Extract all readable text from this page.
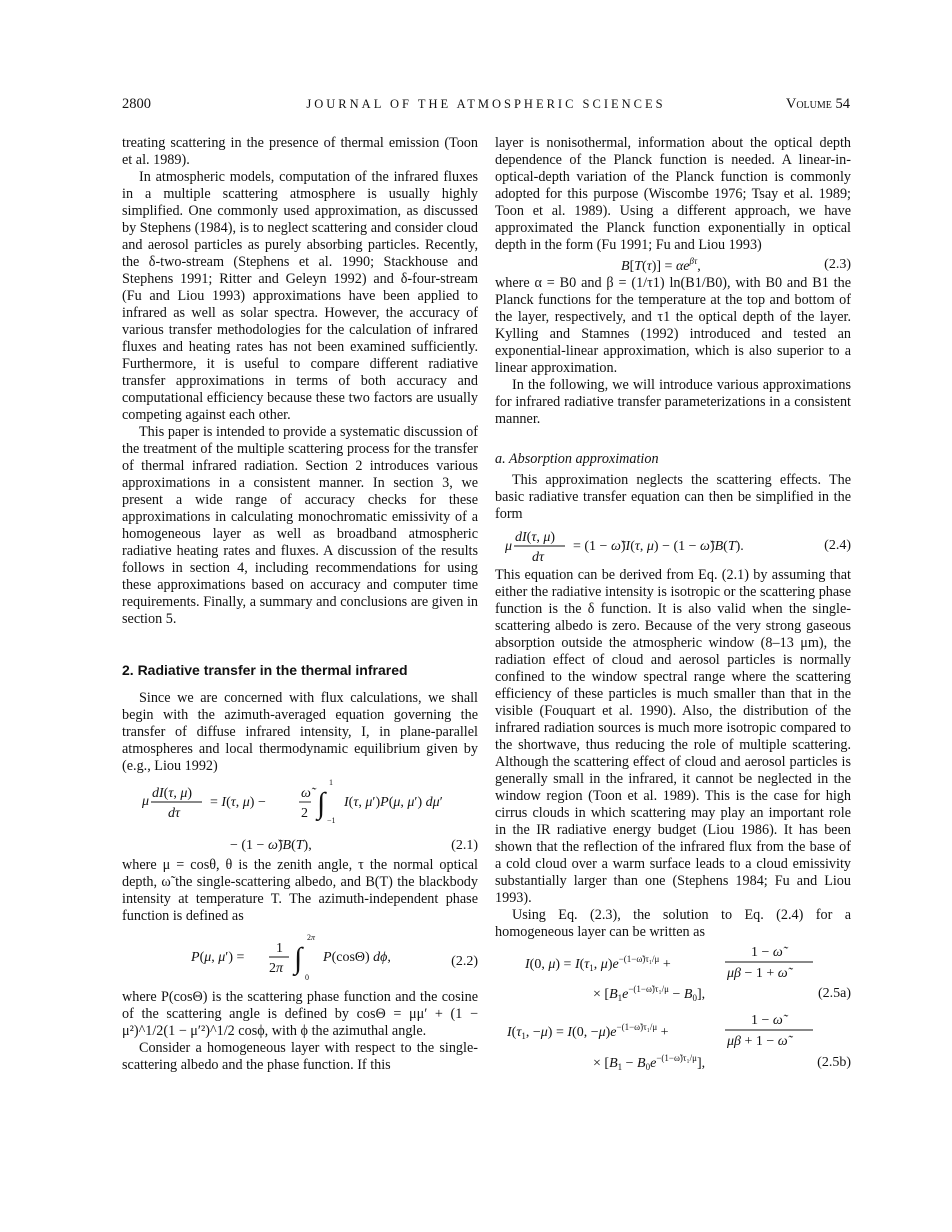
2800	JOURNAL OF THE ATMOSPHERIC SCIENCES	Volume 54

treating scattering in the presence of thermal emission (Toon et al. 1989).

In atmospheric models, computation of the infrared fluxes in a multiple scattering atmosphere is usually highly simplified. One commonly used approximation, as discussed by Stephens (1984), is to neglect scattering and consider cloud and aerosol particles as purely absorbing particles. Recently, the δ-two-stream (Stephens et al. 1990; Stackhouse and Stephens 1991; Ritter and Geleyn 1992) and δ-four-stream (Fu and Liou 1993) approximations have been applied to infrared as well as solar spectra. However, the accuracy of various transfer methodologies for the calculation of infrared fluxes and heating rates has not been examined sufficiently. Furthermore, it is useful to compare different radiative transfer approximations in terms of both accuracy and computational efficiency because these two factors are usually competing against each other.

This paper is intended to provide a systematic discussion of the treatment of the multiple scattering process for the transfer of thermal infrared radiation. Section 2 introduces various approximations in a consistent manner. In section 3, we present a wide range of accuracy checks for these approximations in calculating monochromatic emissivity of a homogeneous layer as well as broadband atmospheric radiative heating rates and fluxes. A discussion of the results follows in section 4, including recommendations for using these approximations based on accuracy and computer time requirements. Finally, a summary and conclusions are given in section 5.

2. Radiative transfer in the thermal infrared

Since we are concerned with flux calculations, we shall begin with the azimuth-averaged equation governing the transfer of diffuse infrared intensity, I, in plane-parallel atmospheres and local thermodynamic equilibrium given by (e.g., Liou 1992)

μ
dI(τ, μ)
dτ
= I(τ, μ) −
ω̃
2 ∫
1
−1
I(τ, μ′)P(μ, μ′) dμ′
− (1 − ω̃)B(T),	(2.1)

where μ = cosθ, θ is the zenith angle, τ the normal optical depth, ω̃ the single-scattering albedo, and B(T) the blackbody intensity at temperature T. The azimuth-independent phase function is defined as

P(μ, μ′) =
1
2π ∫
2π
0
P(cosΘ) dϕ,	(2.2)

where P(cosΘ) is the scattering phase function and the cosine of the scattering angle is defined by cosΘ = μμ′ + (1 − μ²)^1/2(1 − μ′²)^1/2 cosϕ, with ϕ the azimuthal angle.

Consider a homogeneous layer with respect to the single-scattering albedo and the phase function. If this

layer is nonisothermal, information about the optical depth dependence of the Planck function is needed. A linear-in-optical-depth variation of the Planck function is commonly adopted for this purpose (Wiscombe 1976; Tsay et al. 1989; Toon et al. 1989). Using a different approach, we have approximated the Planck function exponentially in optical depth in the form (Fu 1991; Fu and Liou 1993)

$B[T(\tau)] = \alpha e^{\beta\tau}$,	(2.3)

where α = B0 and β = (1/τ1) ln(B1/B0), with B0 and B1 the Planck functions for the temperature at the top and bottom of the layer, respectively, and τ1 the optical depth of the layer. Kylling and Stamnes (1992) introduced and tested an exponential-linear approximation, which is also superior to a linear approximation.

In the following, we will introduce various approximations for infrared radiative transfer parameterizations in a consistent manner.

a. Absorption approximation

This approximation neglects the scattering effects. The basic radiative transfer equation can then be simplified in the form

μ
dI(τ, μ)
dτ
= (1 − ω̃)I(τ, μ) − (1 − ω̃)B(T).	(2.4)

This equation can be derived from Eq. (2.1) by assuming that either the radiative intensity is isotropic or the scattering phase function is the δ function. It is also valid when the single-scattering albedo is zero. Because of the very strong gaseous absorption outside the atmospheric window (8–13 μm), the radiation effect of cloud and aerosol particles is normally confined to the window spectral range where the scattering efficiency of these particles is much smaller than that in the visible (Fouquart et al. 1990). Also, the distribution of the infrared radiation sources is much more isotropic compared to the shortwave, thus reducing the role of multiple scattering. Although the scattering effect of cloud and aerosol particles is generally small in the infrared, it cannot be neglected in the window region (Toon et al. 1989). This is the case for high cirrus clouds in which scattering may play an important role in the IR radiative energy budget (Liou 1986). It has been shown that the reflection of the infrared flux from the base of a cold cloud over a warm surface leads to a cloud emissivity substantially larger than one (Stephens 1984; Fu and Liou 1993).

Using Eq. (2.3), the solution to Eq. (2.4) for a homogeneous layer can be written as

I(0, $\mu) = I(\tau_1$, $\mu)e^{-(1-\omegã)\tau_1/\mu}$ +
1 − ω̃
μβ − 1 + ω̃
× $[B_1e^{-(1-\omegã)\tau_1/\mu} - B_0]$,	(2.5a)
$I(\tau_1$, −μ) = I(0, $-\mu)e^{-(1-\omegã)\tau_1/\mu}$ +
1 − ω̃
μβ + 1 − ω̃
× $[B_1 - B_0e^{-(1-\omegã)\tau_1/\mu}]$,	(2.5b)
